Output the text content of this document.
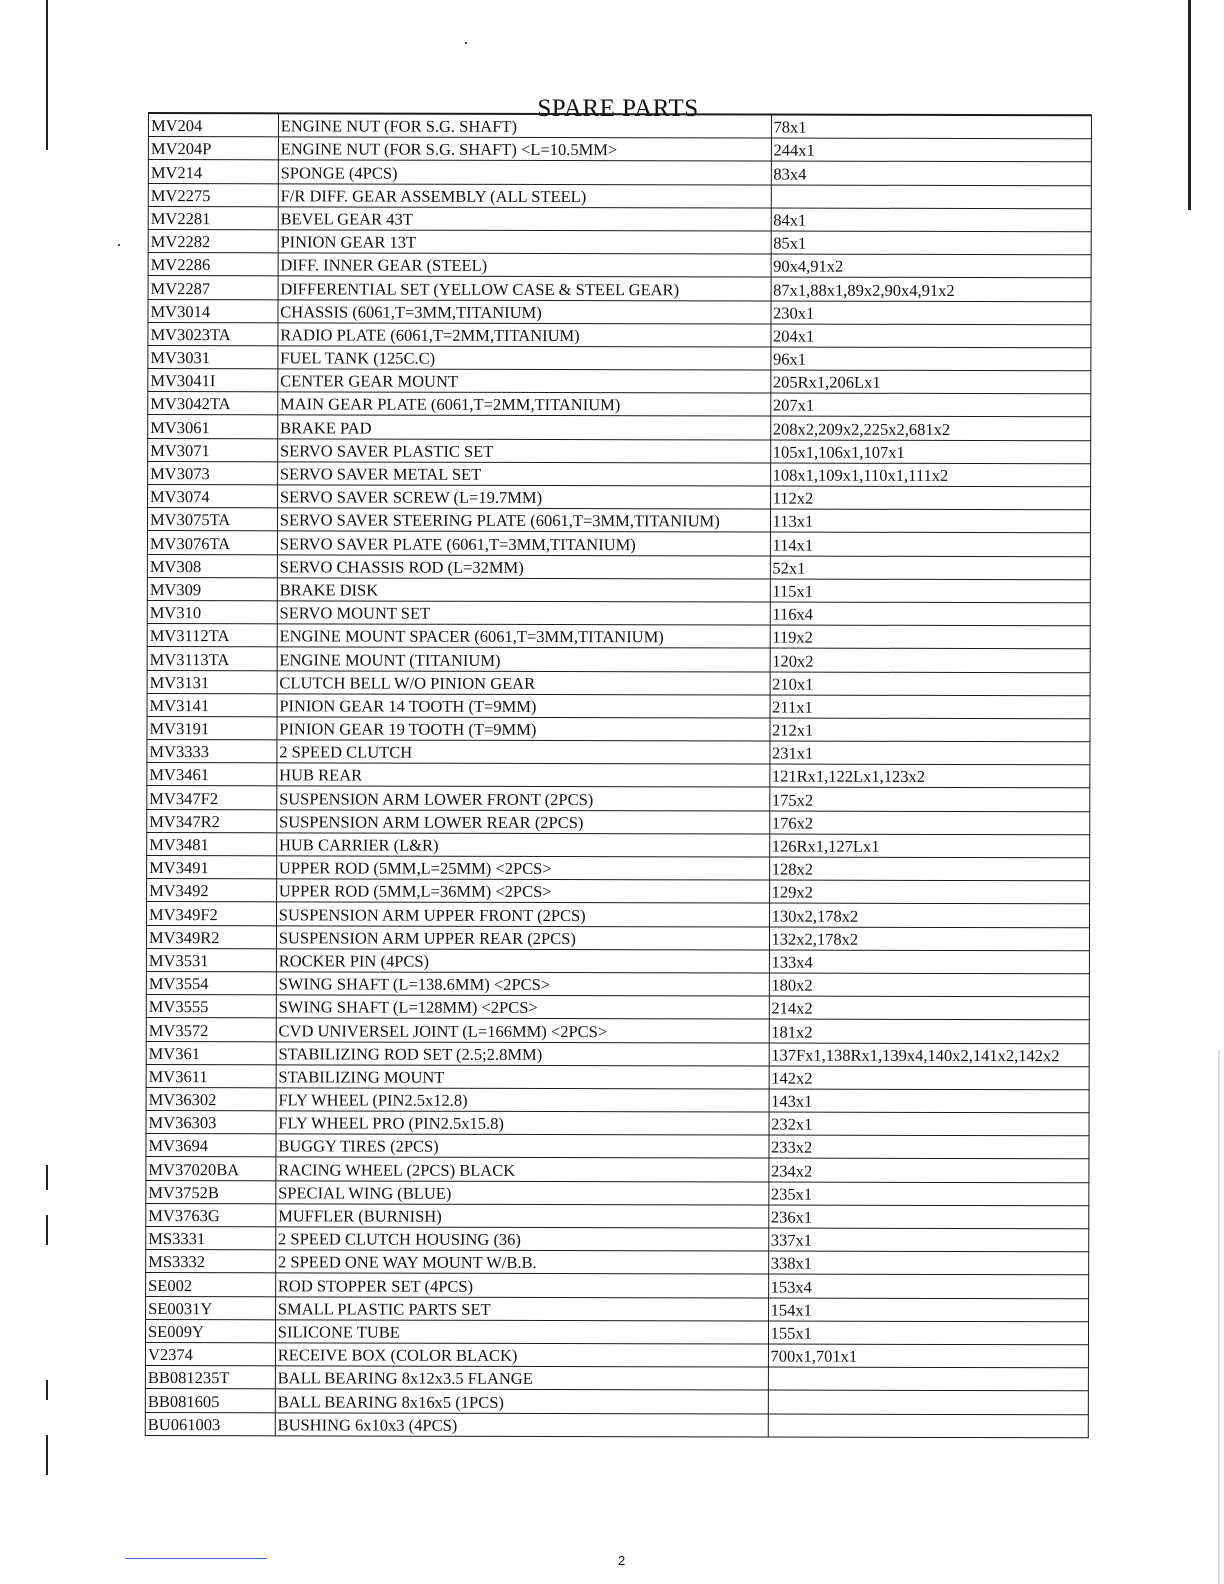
SPARE PARTS
MV204	ENGINE NUT (FOR S.G. SHAFT)	78x1
MV204P	ENGINE NUT (FOR S.G. SHAFT) <L=10.5MM>	244x1
MV214	SPONGE (4PCS)	83x4
MV2275	F/R DIFF. GEAR ASSEMBLY (ALL STEEL)	
MV2281	BEVEL GEAR 43T	84x1
MV2282	PINION GEAR 13T	85x1
MV2286	DIFF. INNER GEAR (STEEL)	90x4,91x2
MV2287	DIFFERENTIAL SET (YELLOW CASE & STEEL GEAR)	87x1,88x1,89x2,90x4,91x2
MV3014	CHASSIS (6061,T=3MM,TITANIUM)	230x1
MV3023TA	RADIO PLATE (6061,T=2MM,TITANIUM)	204x1
MV3031	FUEL TANK (125C.C)	96x1
MV3041I	CENTER GEAR MOUNT	205Rx1,206Lx1
MV3042TA	MAIN GEAR PLATE (6061,T=2MM,TITANIUM)	207x1
MV3061	BRAKE PAD	208x2,209x2,225x2,681x2
MV3071	SERVO SAVER PLASTIC SET	105x1,106x1,107x1
MV3073	SERVO SAVER METAL SET	108x1,109x1,110x1,111x2
MV3074	SERVO SAVER SCREW (L=19.7MM)	112x2
MV3075TA	SERVO SAVER STEERING PLATE (6061,T=3MM,TITANIUM)	113x1
MV3076TA	SERVO SAVER PLATE (6061,T=3MM,TITANIUM)	114x1
MV308	SERVO CHASSIS ROD (L=32MM)	52x1
MV309	BRAKE DISK	115x1
MV310	SERVO MOUNT SET	116x4
MV3112TA	ENGINE MOUNT SPACER (6061,T=3MM,TITANIUM)	119x2
MV3113TA	ENGINE MOUNT (TITANIUM)	120x2
MV3131	CLUTCH BELL W/O PINION GEAR	210x1
MV3141	PINION GEAR 14 TOOTH (T=9MM)	211x1
MV3191	PINION GEAR 19 TOOTH (T=9MM)	212x1
MV3333	2 SPEED CLUTCH	231x1
MV3461	HUB REAR	121Rx1,122Lx1,123x2
MV347F2	SUSPENSION ARM LOWER FRONT (2PCS)	175x2
MV347R2	SUSPENSION ARM LOWER REAR (2PCS)	176x2
MV3481	HUB CARRIER (L&R)	126Rx1,127Lx1
MV3491	UPPER ROD (5MM,L=25MM) <2PCS>	128x2
MV3492	UPPER ROD (5MM,L=36MM) <2PCS>	129x2
MV349F2	SUSPENSION ARM UPPER FRONT (2PCS)	130x2,178x2
MV349R2	SUSPENSION ARM UPPER REAR (2PCS)	132x2,178x2
MV3531	ROCKER PIN (4PCS)	133x4
MV3554	SWING SHAFT (L=138.6MM) <2PCS>	180x2
MV3555	SWING SHAFT (L=128MM) <2PCS>	214x2
MV3572	CVD UNIVERSEL JOINT (L=166MM) <2PCS>	181x2
MV361	STABILIZING ROD SET (2.5;2.8MM)	137Fx1,138Rx1,139x4,140x2,141x2,142x2
MV3611	STABILIZING MOUNT	142x2
MV36302	FLY WHEEL (PIN2.5x12.8)	143x1
MV36303	FLY WHEEL PRO (PIN2.5x15.8)	232x1
MV3694	BUGGY TIRES (2PCS)	233x2
MV37020BA	RACING WHEEL (2PCS) BLACK	234x2
MV3752B	SPECIAL WING (BLUE)	235x1
MV3763G	MUFFLER (BURNISH)	236x1
MS3331	2 SPEED CLUTCH HOUSING (36)	337x1
MS3332	2 SPEED ONE WAY MOUNT W/B.B.	338x1
SE002	ROD STOPPER SET (4PCS)	153x4
SE0031Y	SMALL PLASTIC PARTS SET	154x1
SE009Y	SILICONE TUBE	155x1
V2374	RECEIVE BOX (COLOR BLACK)	700x1,701x1
BB081235T	BALL BEARING 8x12x3.5 FLANGE	
BB081605	BALL BEARING 8x16x5 (1PCS)	
BU061003	BUSHING 6x10x3 (4PCS)	
2
